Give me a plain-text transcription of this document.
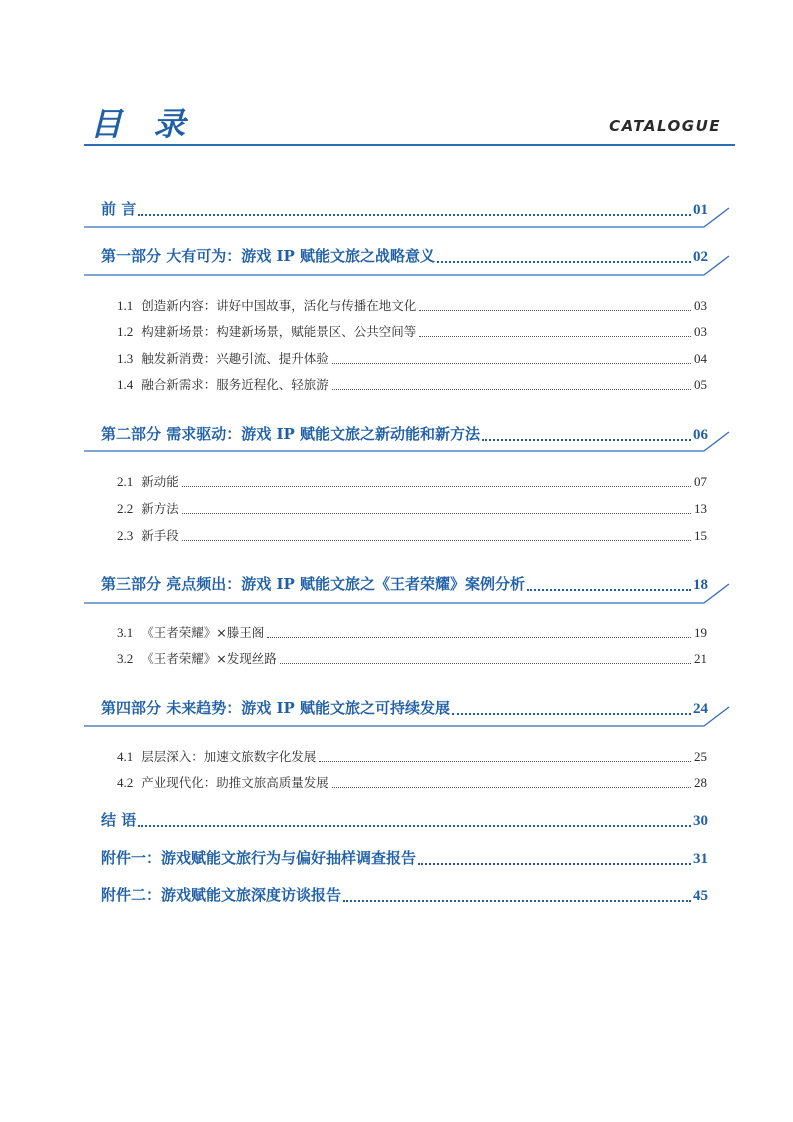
目 录	CATALOGUE
前 言	01
第一部分 大有可为：游戏 IP 赋能文旅之战略意义	02
1.1 创造新内容：讲好中国故事，活化与传播在地文化	03
1.2 构建新场景：构建新场景，赋能景区、公共空间等	03
1.3 触发新消费：兴趣引流、提升体验	04
1.4 融合新需求：服务近程化、轻旅游	05
第二部分 需求驱动：游戏 IP 赋能文旅之新动能和新方法	06
2.1 新动能	07
2.2 新方法	13
2.3 新手段	15
第三部分 亮点频出：游戏 IP 赋能文旅之《王者荣耀》案例分析	18
3.1 《王者荣耀》×滕王阁	19
3.2 《王者荣耀》×发现丝路	21
第四部分 未来趋势：游戏 IP 赋能文旅之可持续发展	24
4.1 层层深入：加速文旅数字化发展	25
4.2 产业现代化：助推文旅高质量发展	28
结 语	30
附件一：游戏赋能文旅行为与偏好抽样调查报告	31
附件二：游戏赋能文旅深度访谈报告	45
